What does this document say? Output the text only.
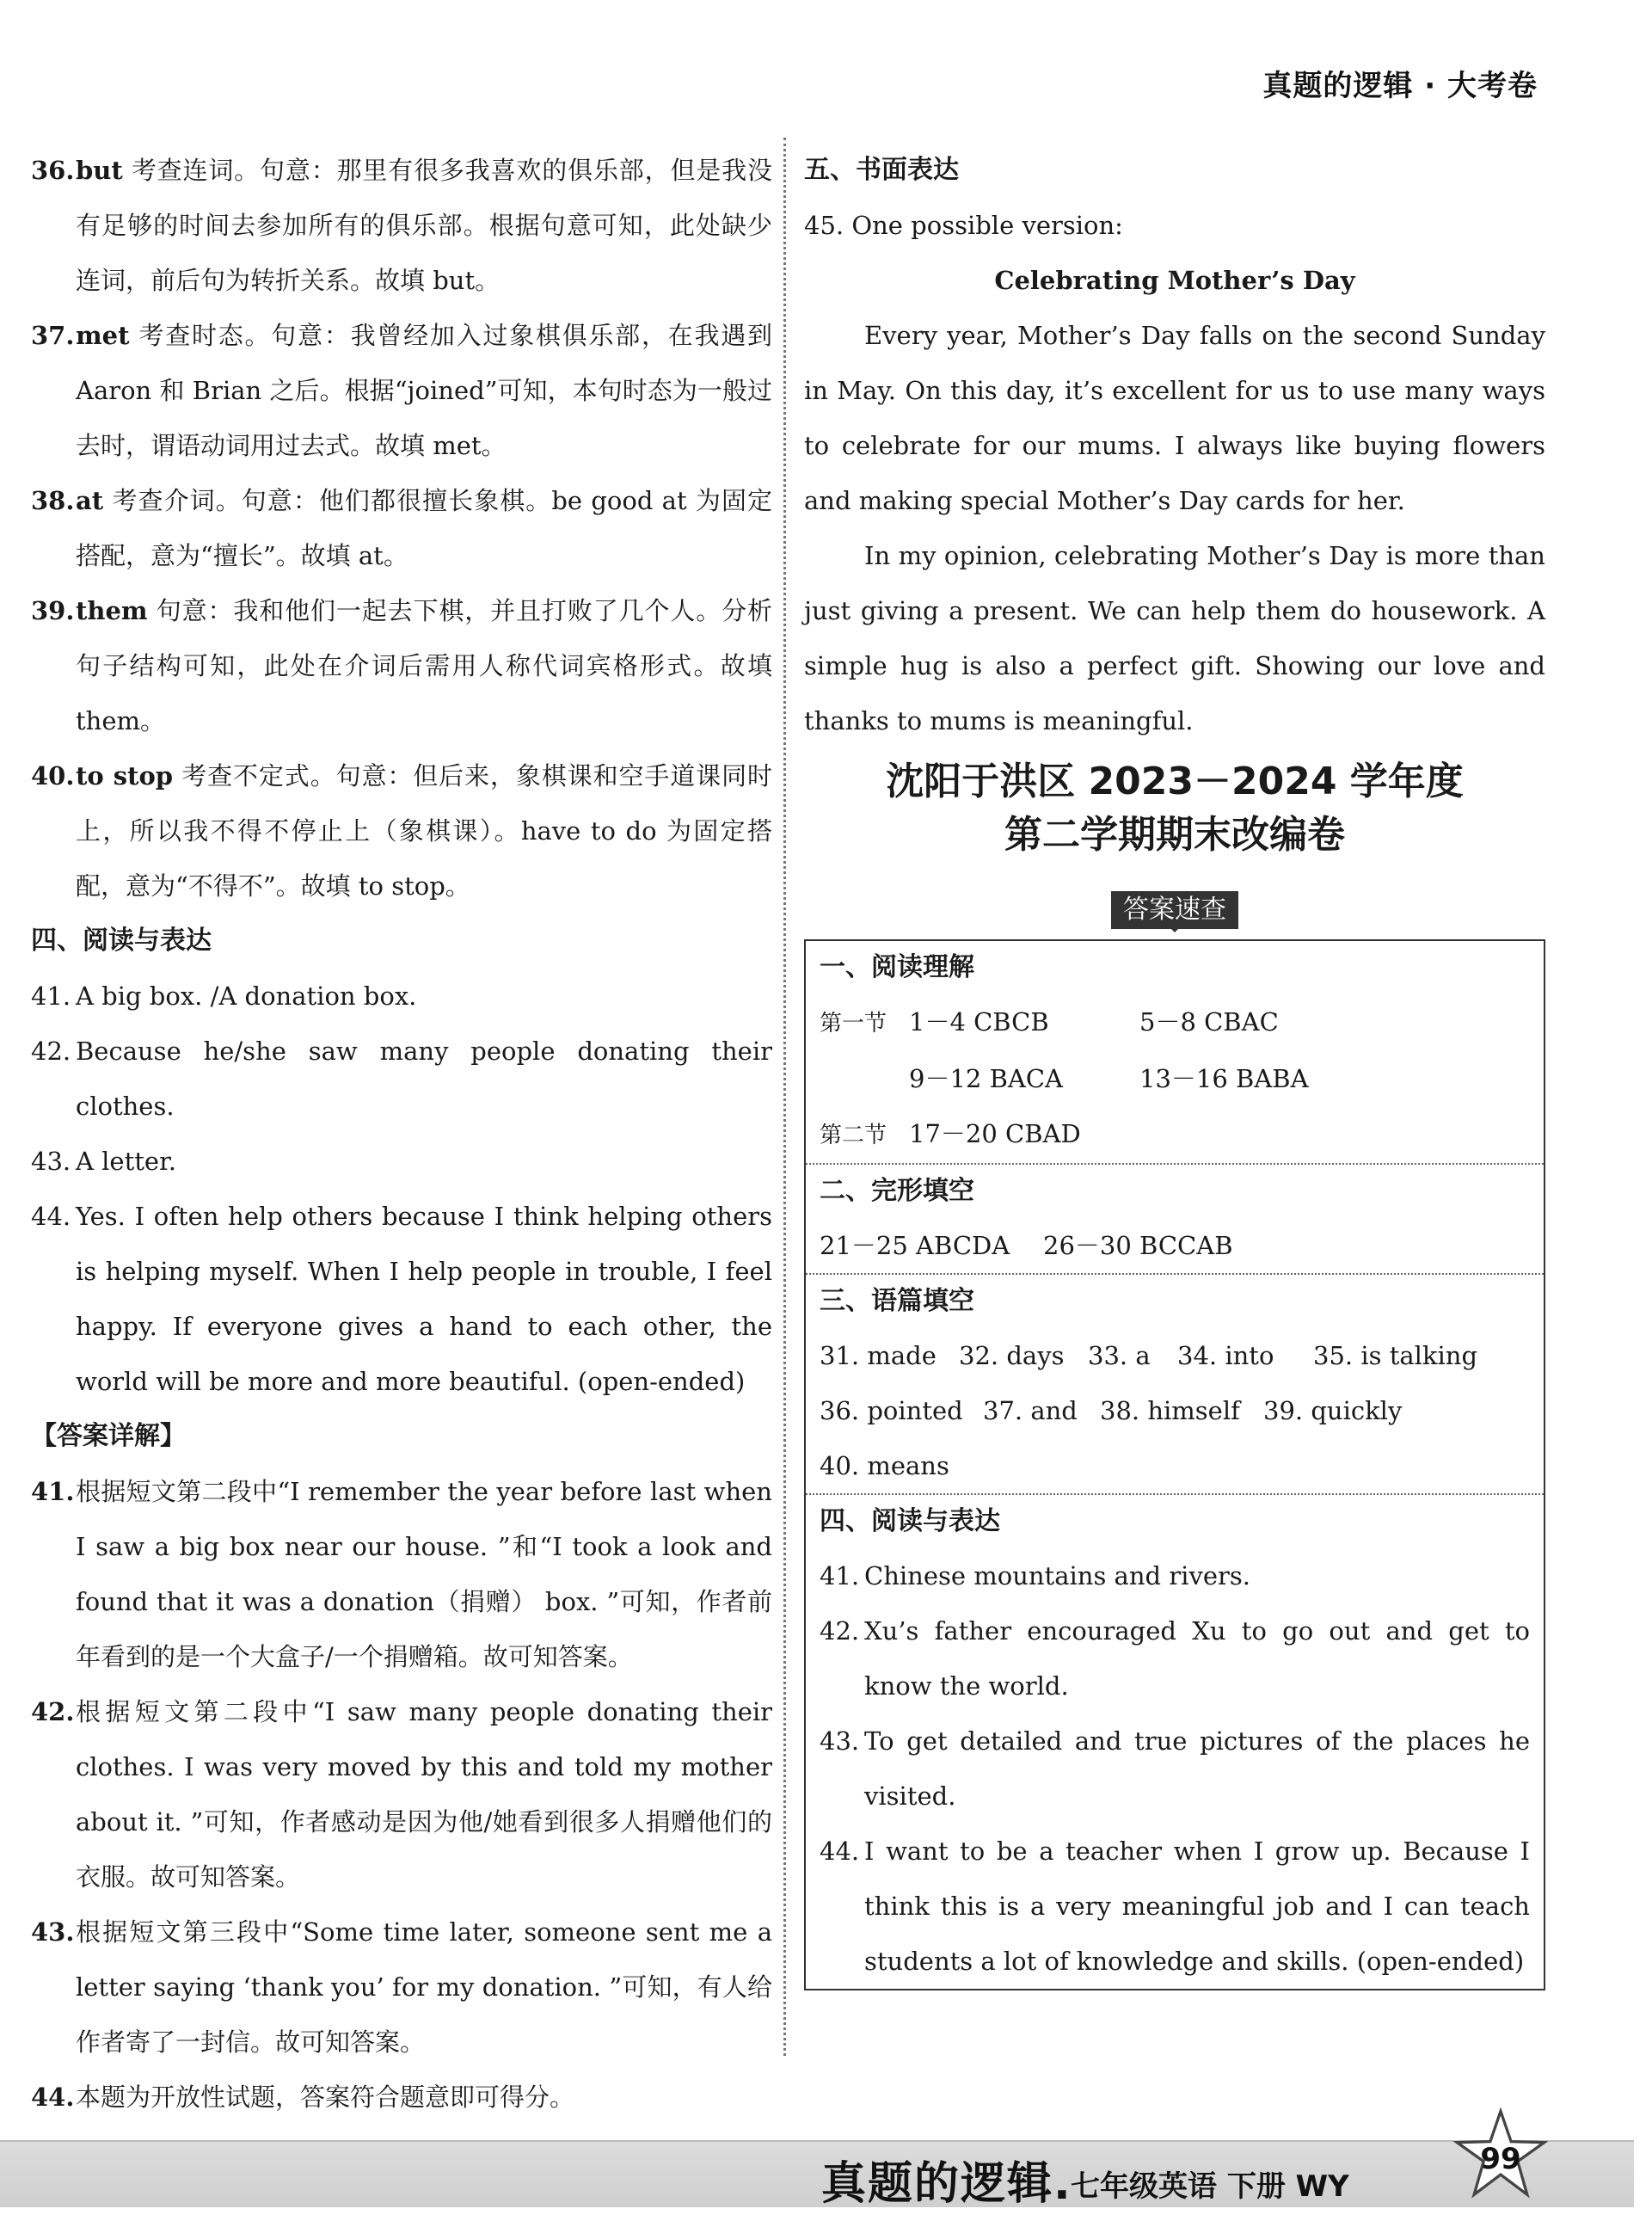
真题的逻辑 · 大考卷
36. but 考查连词。句意：那里有很多我喜欢的俱乐部，但是我没有足够的时间去参加所有的俱乐部。根据句意可知，此处缺少连词，前后句为转折关系。故填 but。
37. met 考查时态。句意：我曾经加入过象棋俱乐部，在我遇到 Aaron 和 Brian 之后。根据“joined”可知，本句时态为一般过去时，谓语动词用过去式。故填 met。
38. at 考查介词。句意：他们都很擅长象棋。be good at 为固定搭配，意为“擅长”。故填 at。
39. them 句意：我和他们一起去下棋，并且打败了几个人。分析句子结构可知，此处在介词后需用人称代词宾格形式。故填 them。
40. to stop 考查不定式。句意：但后来，象棋课和空手道课同时上，所以我不得不停止上（象棋课）。have to do 为固定搭配，意为“不得不”。故填 to stop。
四、阅读与表达
41. A big box. /A donation box.
42. Because he/she saw many people donating their clothes.
43. A letter.
44. Yes. I often help others because I think helping others is helping myself. When I help people in trouble, I feel happy. If everyone gives a hand to each other, the world will be more and more beautiful. (open-ended)
【答案详解】
41. 根据短文第二段中“I remember the year before last when I saw a big box near our house. ”和“I took a look and found that it was a donation（捐赠） box. ”可知，作者前年看到的是一个大盒子/一个捐赠箱。故可知答案。
42. 根据短文第二段中“I saw many people donating their clothes. I was very moved by this and told my mother about it. ”可知，作者感动是因为他/她看到很多人捐赠他们的衣服。故可知答案。
43. 根据短文第三段中“Some time later, someone sent me a letter saying ‘thank you’ for my donation. ”可知，有人给作者寄了一封信。故可知答案。
44. 本题为开放性试题，答案符合题意即可得分。
五、书面表达
45. One possible version:
Celebrating Mother’s Day
Every year, Mother’s Day falls on the second Sunday in May. On this day, it’s excellent for us to use many ways to celebrate for our mums. I always like buying flowers and making special Mother’s Day cards for her.
In my opinion, celebrating Mother’s Day is more than just giving a present. We can help them do housework. A simple hug is also a perfect gift. Showing our love and thanks to mums is meaningful.
沈阳于洪区 2023－2024 学年度
第二学期期末改编卷
答案速查
一、阅读理解
第一节 1－4 CBCB	5－8 CBAC
9－12 BACA	13－16 BABA
第二节 17－20 CBAD
二、完形填空
21－25 ABCDA 26－30 BCCAB
三、语篇填空
31. made 32. days 33. a 34. into 35. is talking
36. pointed 37. and 38. himself 39. quickly
40. means
四、阅读与表达
41. Chinese mountains and rivers.
42. Xu’s father encouraged Xu to go out and get to know the world.
43. To get detailed and true pictures of the places he visited.
44. I want to be a teacher when I grow up. Because I think this is a very meaningful job and I can teach students a lot of knowledge and skills. (open-ended)
真题的逻辑.
七年级英语 下册 WY
99
